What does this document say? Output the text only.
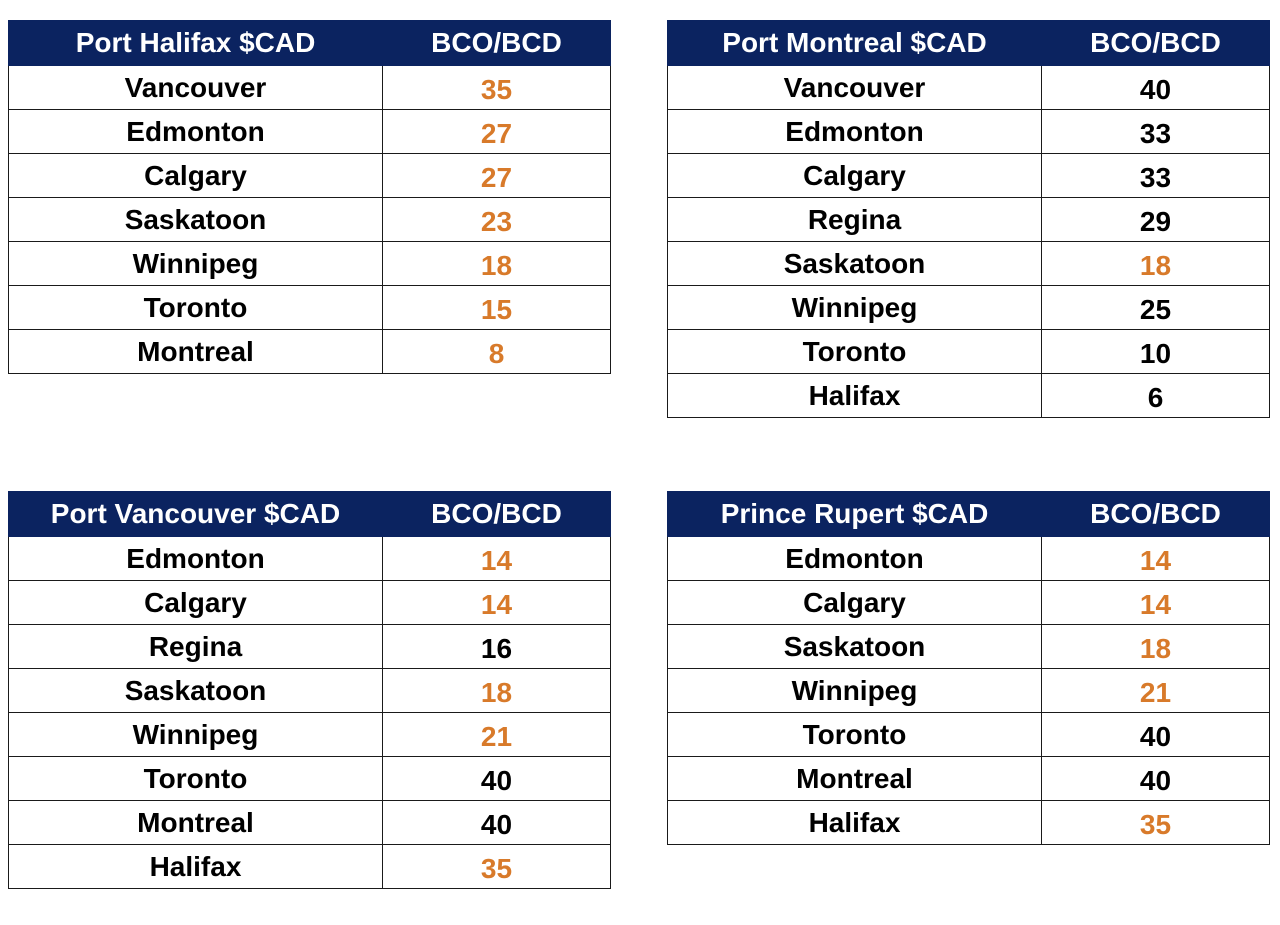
Port Halifax $CAD	BCO/BCD
Vancouver	35
Edmonton	27
Calgary	27
Saskatoon	23
Winnipeg	18
Toronto	15
Montreal	8
Port Montreal $CAD	BCO/BCD
Vancouver	40
Edmonton	33
Calgary	33
Regina	29
Saskatoon	18
Winnipeg	25
Toronto	10
Halifax	6
Port Vancouver $CAD	BCO/BCD
Edmonton	14
Calgary	14
Regina	16
Saskatoon	18
Winnipeg	21
Toronto	40
Montreal	40
Halifax	35
Prince Rupert $CAD	BCO/BCD
Edmonton	14
Calgary	14
Saskatoon	18
Winnipeg	21
Toronto	40
Montreal	40
Halifax	35
